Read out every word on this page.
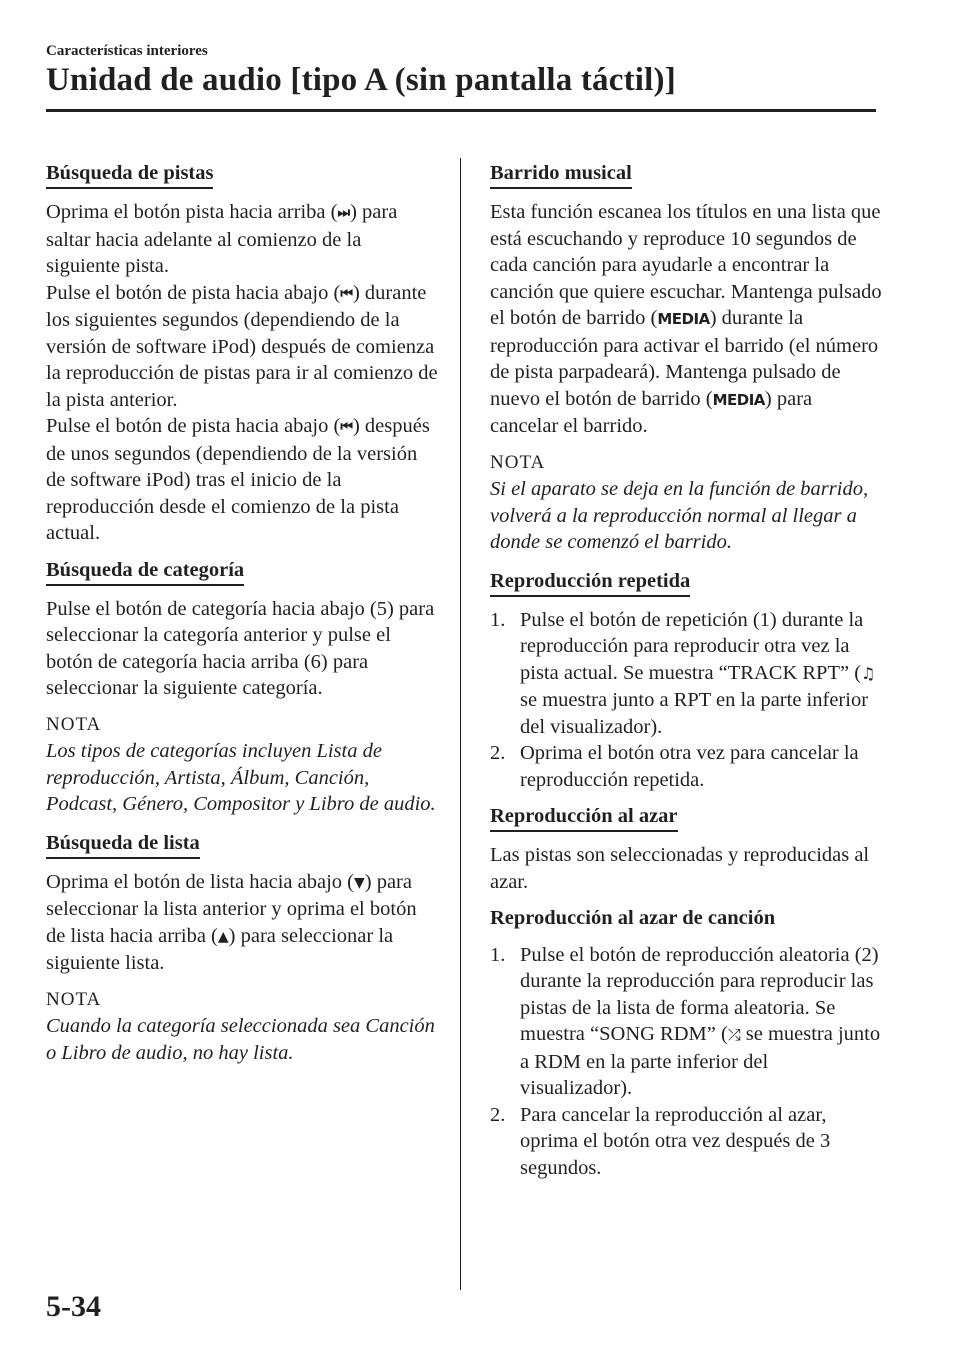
Características interiores
Unidad de audio [tipo A (sin pantalla táctil)]
Búsqueda de pistas

Oprima el botón pista hacia arriba (⏭) para saltar hacia adelante al comienzo de la siguiente pista.

Pulse el botón de pista hacia abajo (⏮) durante los siguientes segundos (dependiendo de la versión de software iPod) después de comienza la reproducción de pistas para ir al comienzo de la pista anterior.

Pulse el botón de pista hacia abajo (⏮) después de unos segundos (dependiendo de la versión de software iPod) tras el inicio de la reproducción desde el comienzo de la pista actual.

Búsqueda de categoría

Pulse el botón de categoría hacia abajo (5) para seleccionar la categoría anterior y pulse el botón de categoría hacia arriba (6) para seleccionar la siguiente categoría.

NOTA
Los tipos de categorías incluyen Lista de reproducción, Artista, Álbum, Canción, Podcast, Género, Compositor y Libro de audio.
Búsqueda de lista

Oprima el botón de lista hacia abajo (▼) para seleccionar la lista anterior y oprima el botón de lista hacia arriba (▲) para seleccionar la siguiente lista.

NOTA
Cuando la categoría seleccionada sea Canción o Libro de audio, no hay lista.
Barrido musical

Esta función escanea los títulos en una lista que está escuchando y reproduce 10 segundos de cada canción para ayudarle a encontrar la canción que quiere escuchar. Mantenga pulsado el botón de barrido (MEDIA) durante la reproducción para activar el barrido (el número de pista parpadeará). Mantenga pulsado de nuevo el botón de barrido (MEDIA) para cancelar el barrido.

NOTA
Si el aparato se deja en la función de barrido, volverá a la reproducción normal al llegar a donde se comenzó el barrido.
Reproducción repetida
1. Pulse el botón de repetición (1) durante la reproducción para reproducir otra vez la pista actual. Se muestra “TRACK RPT” (♫se muestra junto a RPT en la parte inferior del visualizador).
2. Oprima el botón otra vez para cancelar la reproducción repetida.
Reproducción al azar

Las pistas son seleccionadas y reproducidas al azar.

Reproducción al azar de canción
1. Pulse el botón de reproducción aleatoria (2) durante la reproducción para reproducir las pistas de la lista de forma aleatoria. Se muestra “SONG RDM” (⤮ se muestra junto a RDM en la parte inferior del visualizador).
2. Para cancelar la reproducción al azar, oprima el botón otra vez después de 3 segundos.
5-34
